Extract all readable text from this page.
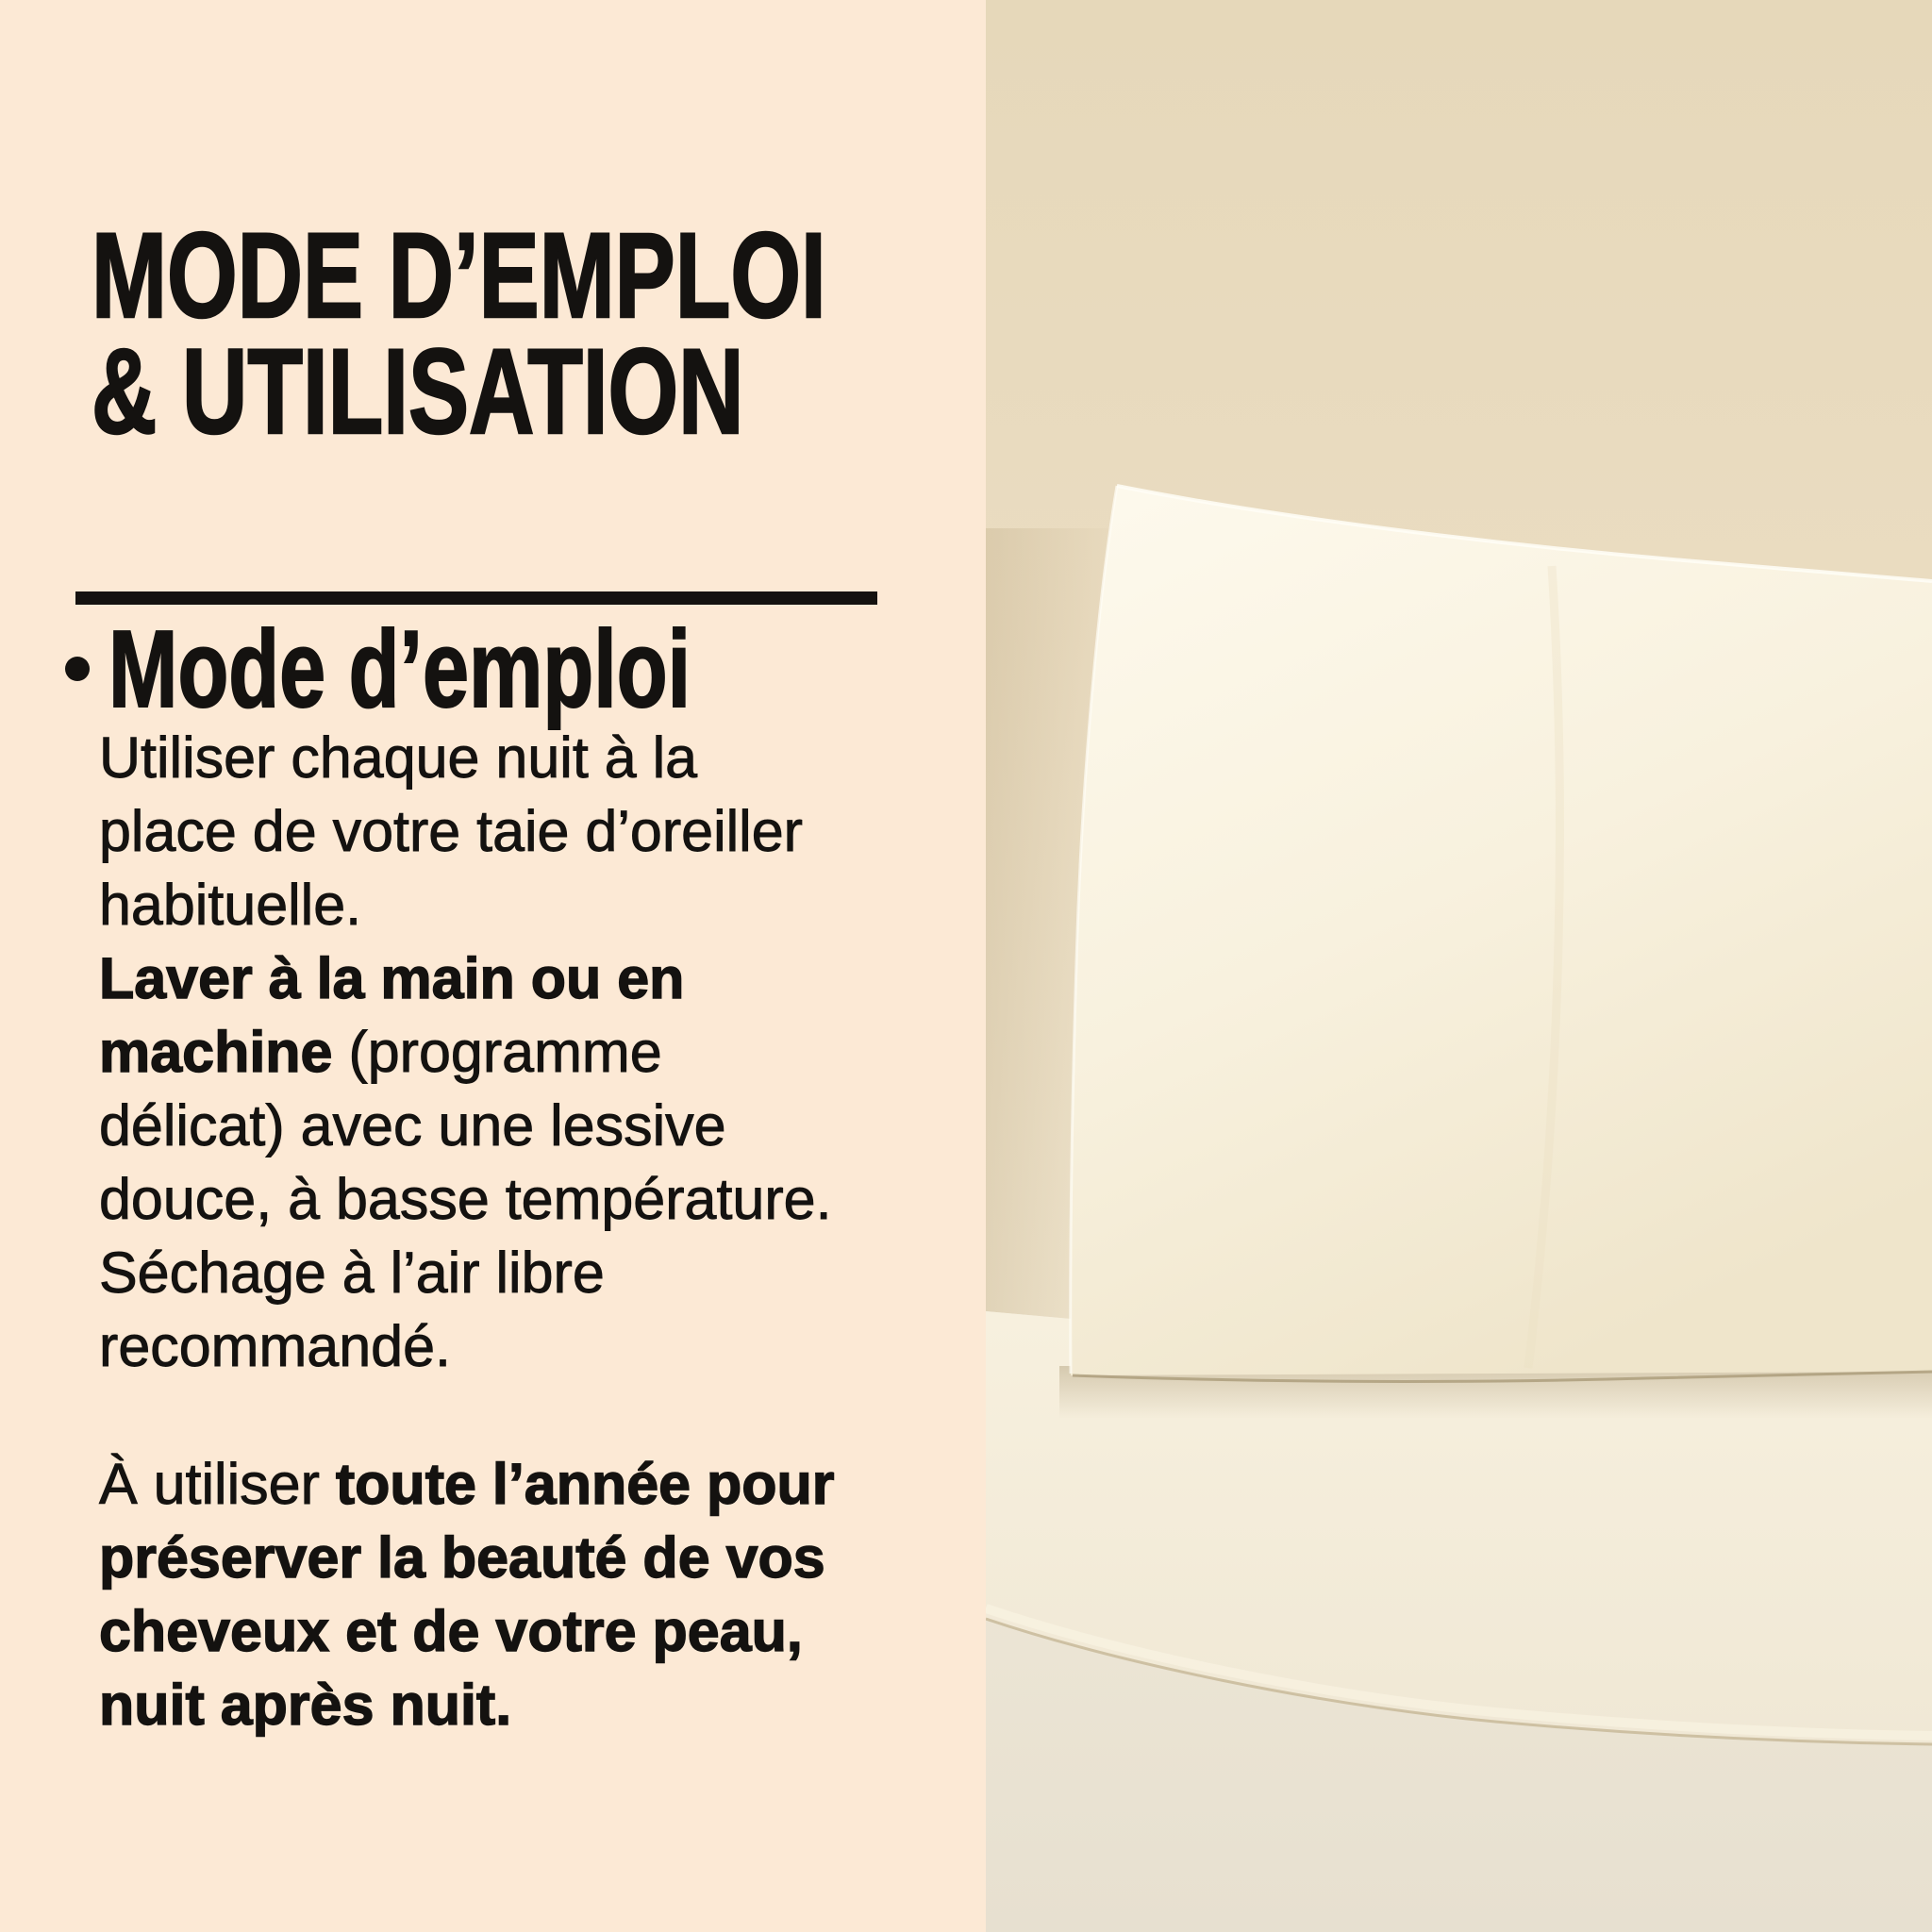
MODE D’EMPLOI
& UTILISATION
Mode d’emploi

Utiliser chaque nuit à la
place de votre taie d’oreiller
habituelle.
Laver à la main ou en
machine (programme
délicat) avec une lessive
douce, à basse température.
Séchage à l’air libre
recommandé.

À utiliser toute l’année pour
préserver la beauté de vos
cheveux et de votre peau,
nuit après nuit.
